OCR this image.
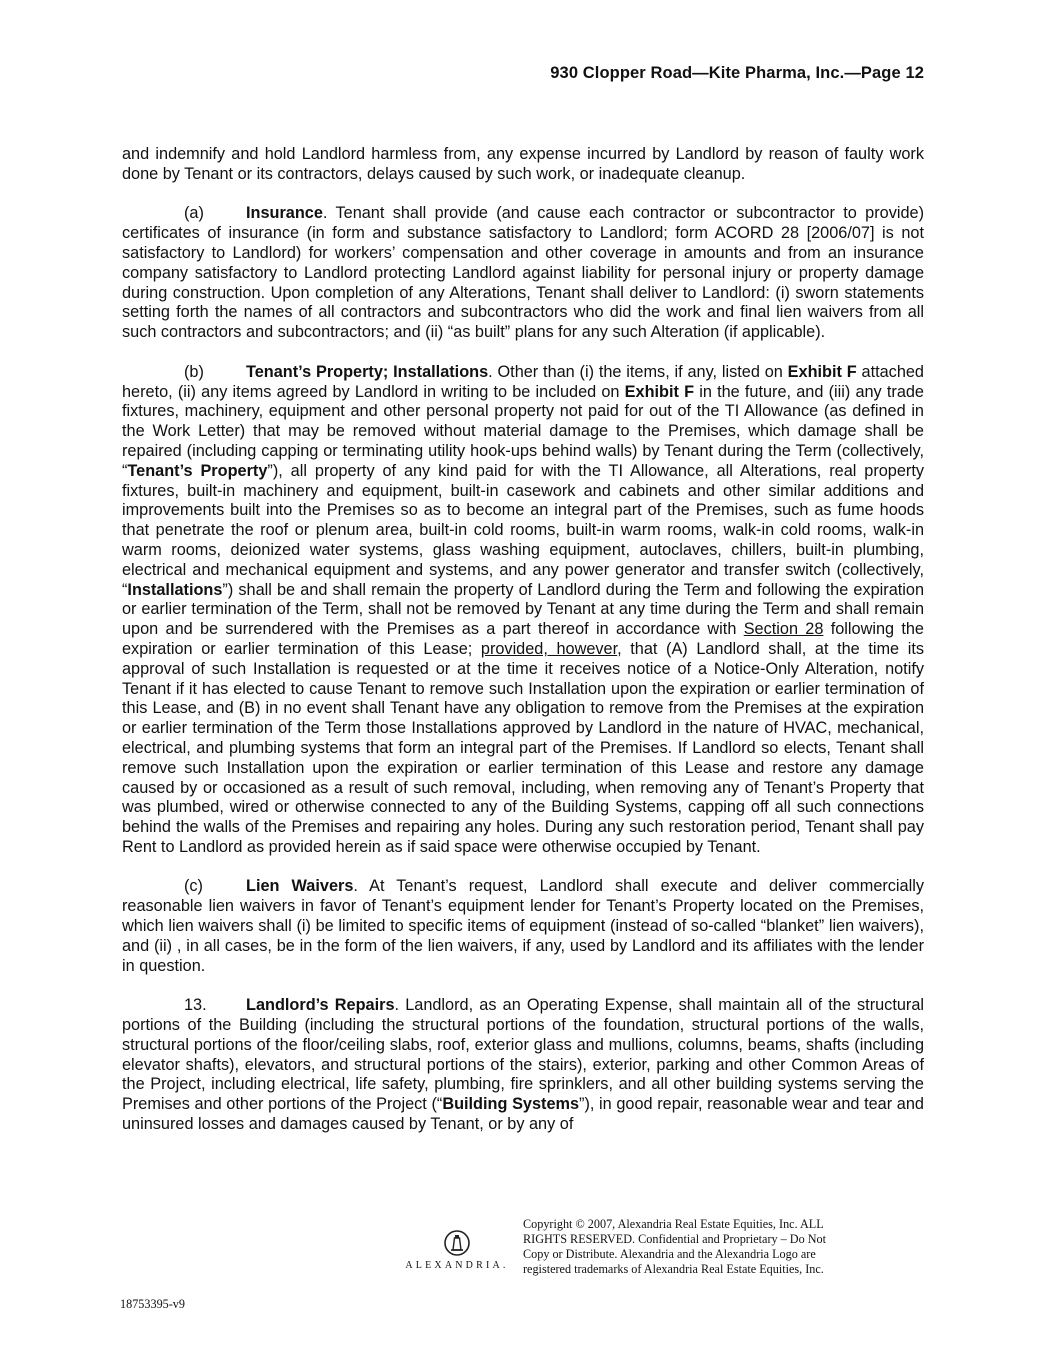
930 Clopper Road—Kite Pharma, Inc.—Page 12

and indemnify and hold Landlord harmless from, any expense incurred by Landlord by reason of faulty work done by Tenant or its contractors, delays caused by such work, or inadequate cleanup.

(a)	Insurance. Tenant shall provide (and cause each contractor or subcontractor to provide) certificates of insurance (in form and substance satisfactory to Landlord; form ACORD 28 [2006/07] is not satisfactory to Landlord) for workers’ compensation and other coverage in amounts and from an insurance company satisfactory to Landlord protecting Landlord against liability for personal injury or property damage during construction. Upon completion of any Alterations, Tenant shall deliver to Landlord: (i) sworn statements setting forth the names of all contractors and subcontractors who did the work and final lien waivers from all such contractors and subcontractors; and (ii) “as built” plans for any such Alteration (if applicable).

(b)	Tenant’s Property; Installations. Other than (i) the items, if any, listed on Exhibit F attached hereto, (ii) any items agreed by Landlord in writing to be included on Exhibit F in the future, and (iii) any trade fixtures, machinery, equipment and other personal property not paid for out of the TI Allowance (as defined in the Work Letter) that may be removed without material damage to the Premises, which damage shall be repaired (including capping or terminating utility hook-ups behind walls) by Tenant during the Term (collectively, “Tenant’s Property”), all property of any kind paid for with the TI Allowance, all Alterations, real property fixtures, built-in machinery and equipment, built-in casework and cabinets and other similar additions and improvements built into the Premises so as to become an integral part of the Premises, such as fume hoods that penetrate the roof or plenum area, built-in cold rooms, built-in warm rooms, walk-in cold rooms, walk-in warm rooms, deionized water systems, glass washing equipment, autoclaves, chillers, built-in plumbing, electrical and mechanical equipment and systems, and any power generator and transfer switch (collectively, “Installations”) shall be and shall remain the property of Landlord during the Term and following the expiration or earlier termination of the Term, shall not be removed by Tenant at any time during the Term and shall remain upon and be surrendered with the Premises as a part thereof in accordance with Section 28 following the expiration or earlier termination of this Lease; provided, however, that (A) Landlord shall, at the time its approval of such Installation is requested or at the time it receives notice of a Notice-Only Alteration, notify Tenant if it has elected to cause Tenant to remove such Installation upon the expiration or earlier termination of this Lease, and (B) in no event shall Tenant have any obligation to remove from the Premises at the expiration or earlier termination of the Term those Installations approved by Landlord in the nature of HVAC, mechanical, electrical, and plumbing systems that form an integral part of the Premises. If Landlord so elects, Tenant shall remove such Installation upon the expiration or earlier termination of this Lease and restore any damage caused by or occasioned as a result of such removal, including, when removing any of Tenant’s Property that was plumbed, wired or otherwise connected to any of the Building Systems, capping off all such connections behind the walls of the Premises and repairing any holes. During any such restoration period, Tenant shall pay Rent to Landlord as provided herein as if said space were otherwise occupied by Tenant.

(c)	Lien Waivers. At Tenant’s request, Landlord shall execute and deliver commercially reasonable lien waivers in favor of Tenant’s equipment lender for Tenant’s Property located on the Premises, which lien waivers shall (i) be limited to specific items of equipment (instead of so-called “blanket” lien waivers), and (ii) , in all cases, be in the form of the lien waivers, if any, used by Landlord and its affiliates with the lender in question.

13. Landlord’s Repairs. Landlord, as an Operating Expense, shall maintain all of the structural portions of the Building (including the structural portions of the foundation, structural portions of the walls, structural portions of the floor/ceiling slabs, roof, exterior glass and mullions, columns, beams, shafts (including elevator shafts), elevators, and structural portions of the stairs), exterior, parking and other Common Areas of the Project, including electrical, life safety, plumbing, fire sprinklers, and all other building systems serving the Premises and other portions of the Project (“Building Systems”), in good repair, reasonable wear and tear and uninsured losses and damages caused by Tenant, or by any of

ALEXANDRIA.
Copyright © 2007, Alexandria Real Estate Equities, Inc. ALL
RIGHTS RESERVED. Confidential and Proprietary – Do Not
Copy or Distribute. Alexandria and the Alexandria Logo are
registered trademarks of Alexandria Real Estate Equities, Inc.
18753395-v9
